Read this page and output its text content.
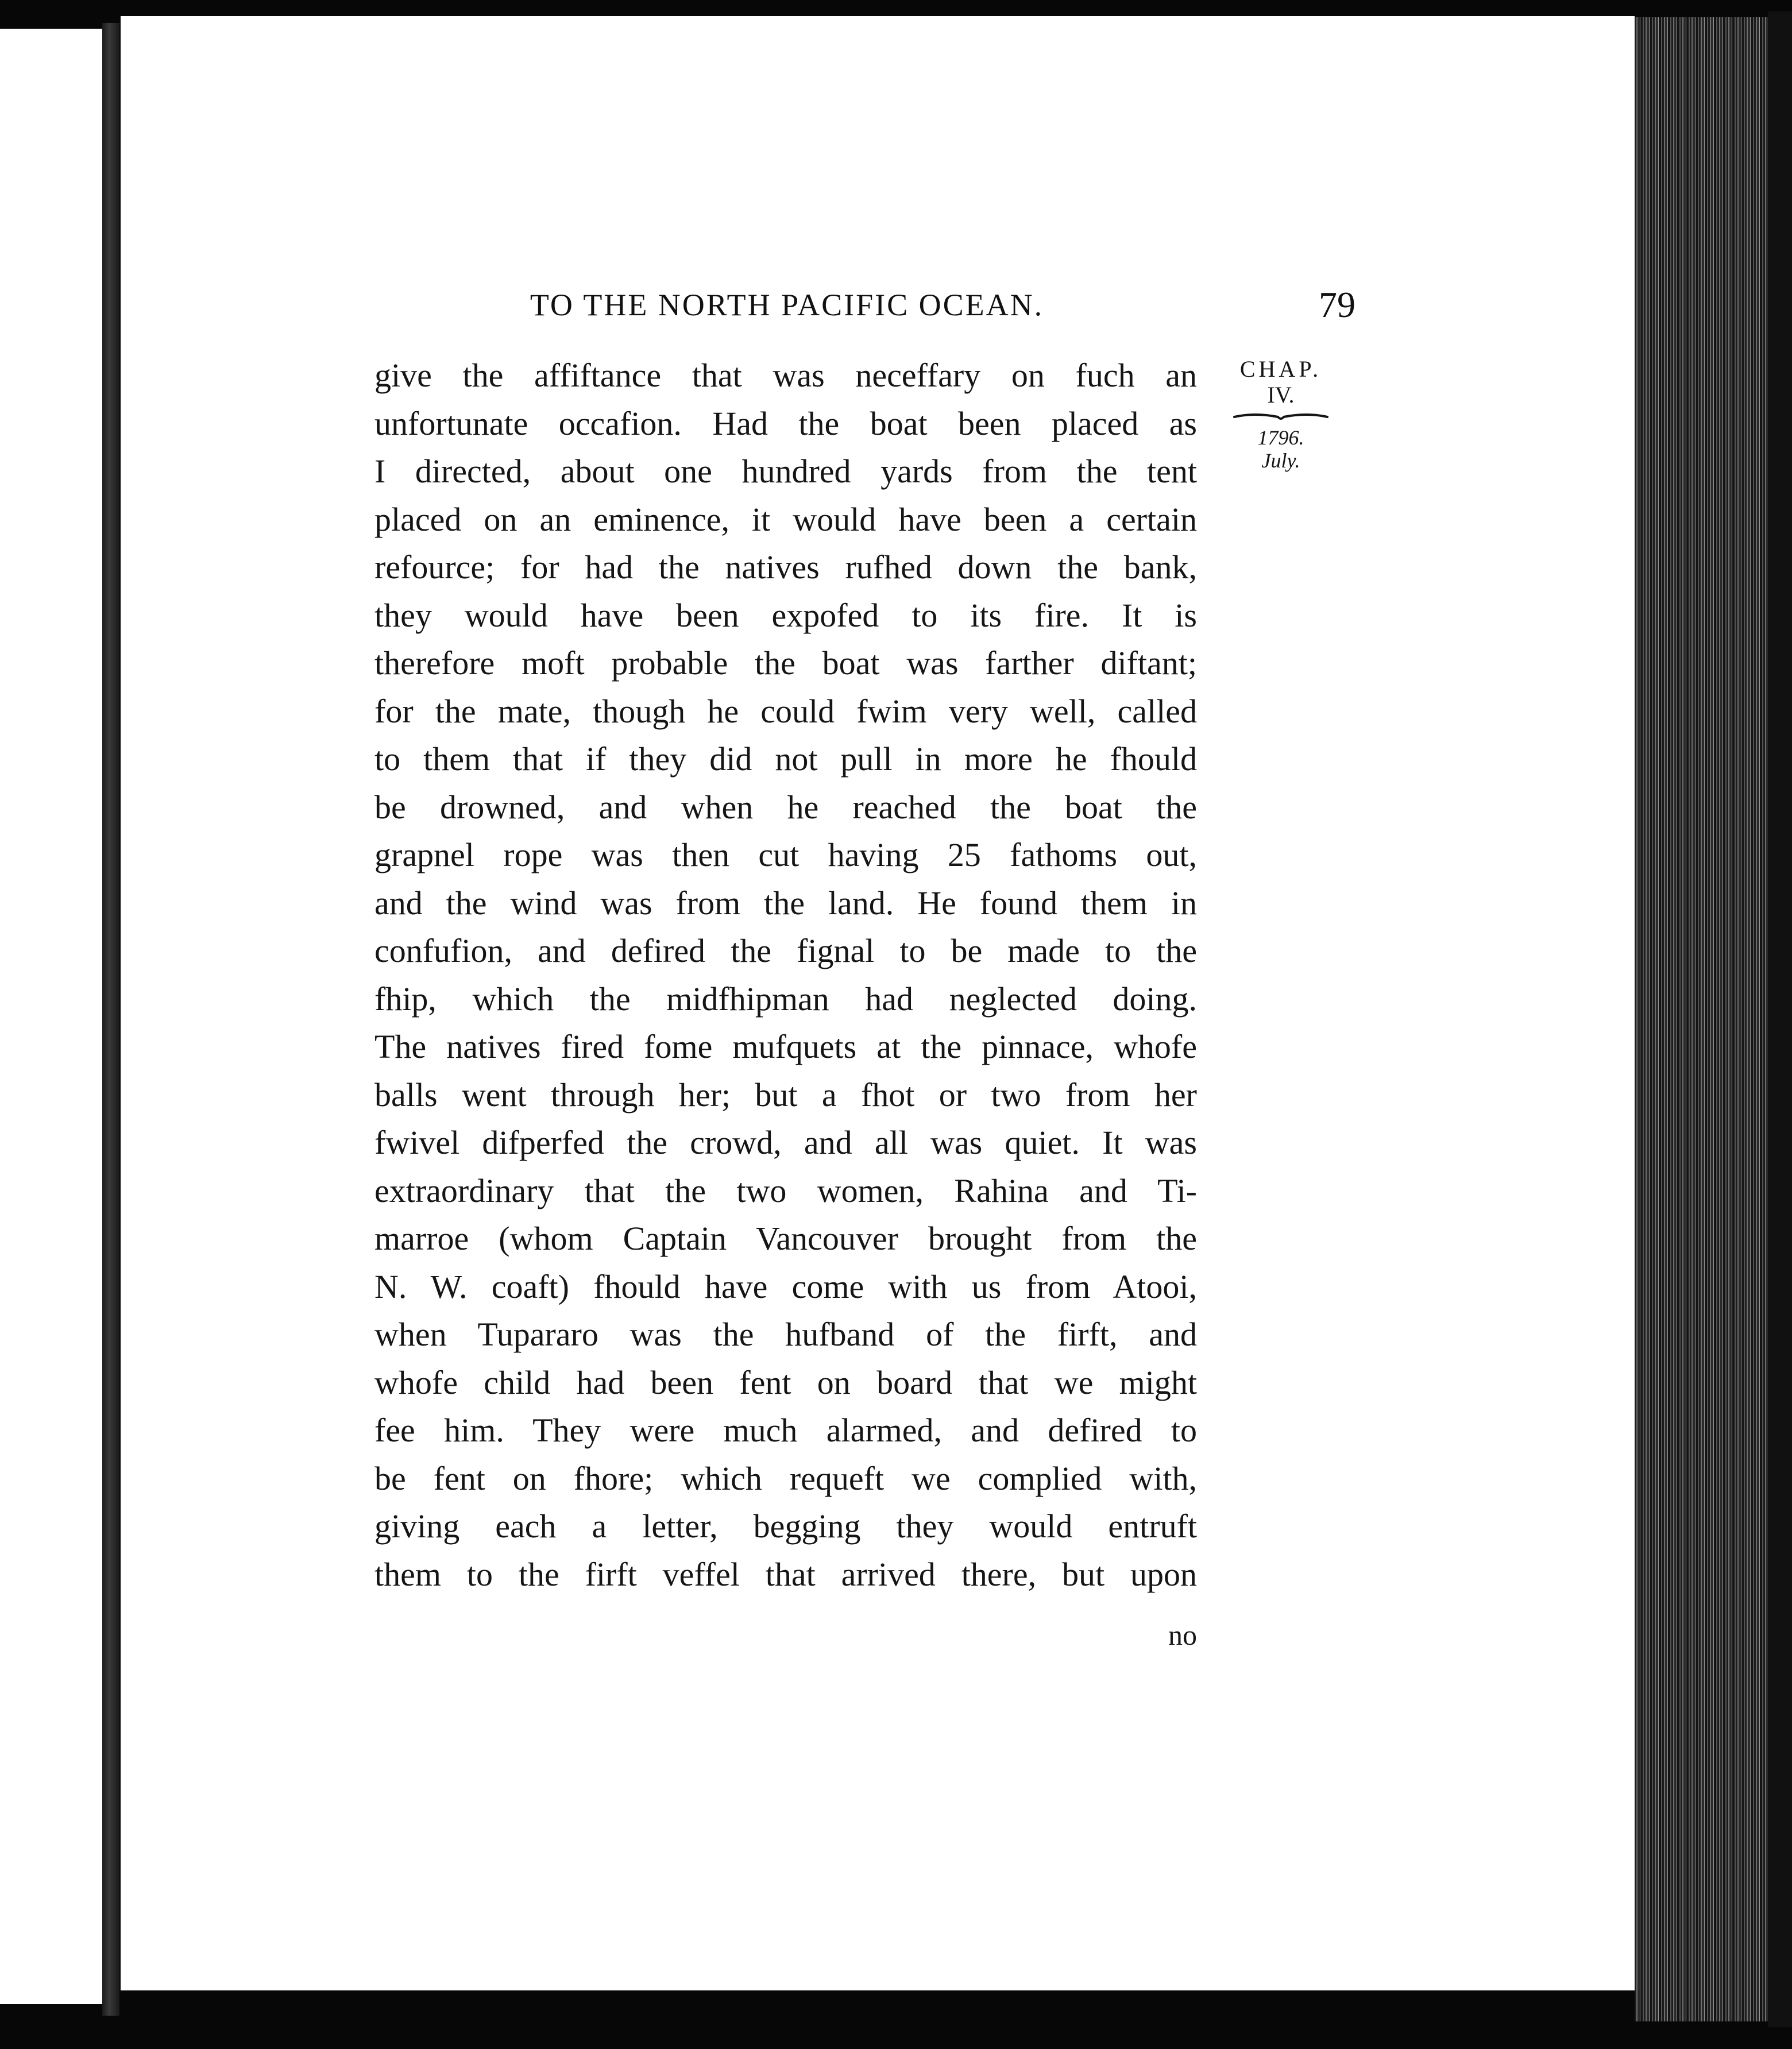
TO THE NORTH PACIFIC OCEAN.	79
CHAP.
IV.
1796.
July.
give the affiftance that was neceffary on fuch an
unfortunate occafion. Had the boat been placed as
I directed, about one hundred yards from the tent
placed on an eminence, it would have been a certain
refource; for had the natives rufhed down the bank,
they would have been expofed to its fire. It is
therefore moft probable the boat was farther diftant;
for the mate, though he could fwim very well, called
to them that if they did not pull in more he fhould
be drowned, and when he reached the boat the
grapnel rope was then cut having 25 fathoms out,
and the wind was from the land. He found them in
confufion, and defired the fignal to be made to the
fhip, which the midfhipman had neglected doing.
The natives fired fome mufquets at the pinnace, whofe
balls went through her; but a fhot or two from her
fwivel difperfed the crowd, and all was quiet. It was
extraordinary that the two women, Rahina and Ti-
marroe (whom Captain Vancouver brought from the
N. W. coaft) fhould have come with us from Atooi,
when Tupararo was the hufband of the firft, and
whofe child had been fent on board that we might
fee him. They were much alarmed, and defired to
be fent on fhore; which requeft we complied with,
giving each a letter, begging they would entruft
them to the firft veffel that arrived there, but upon
no
